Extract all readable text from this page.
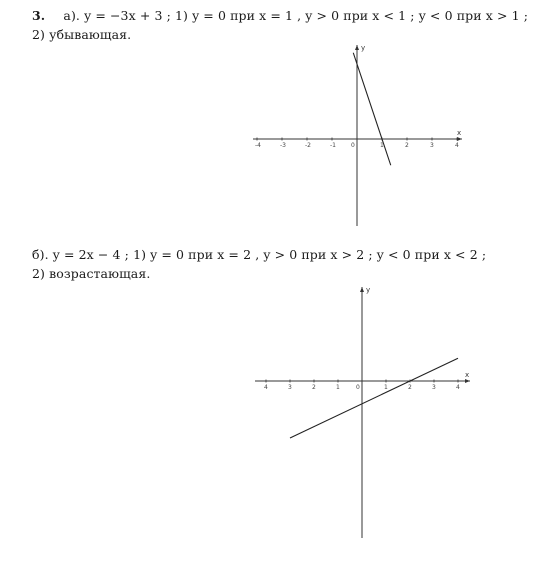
3. а). y = −3x + 3 ; 1) y = 0 при x = 1 , y > 0 при x < 1 ; y < 0 при x > 1 ;
2) убывающая.
б). y = 2x − 4 ; 1) y = 0 при x = 2 , y > 0 при x > 2 ; y < 0 при x < 2 ;
2) возрастающая.
x
y
-4	-3	-2	-1	0	1	2	3	4
x
y
4	3	2	1	0	1	2	3	4
